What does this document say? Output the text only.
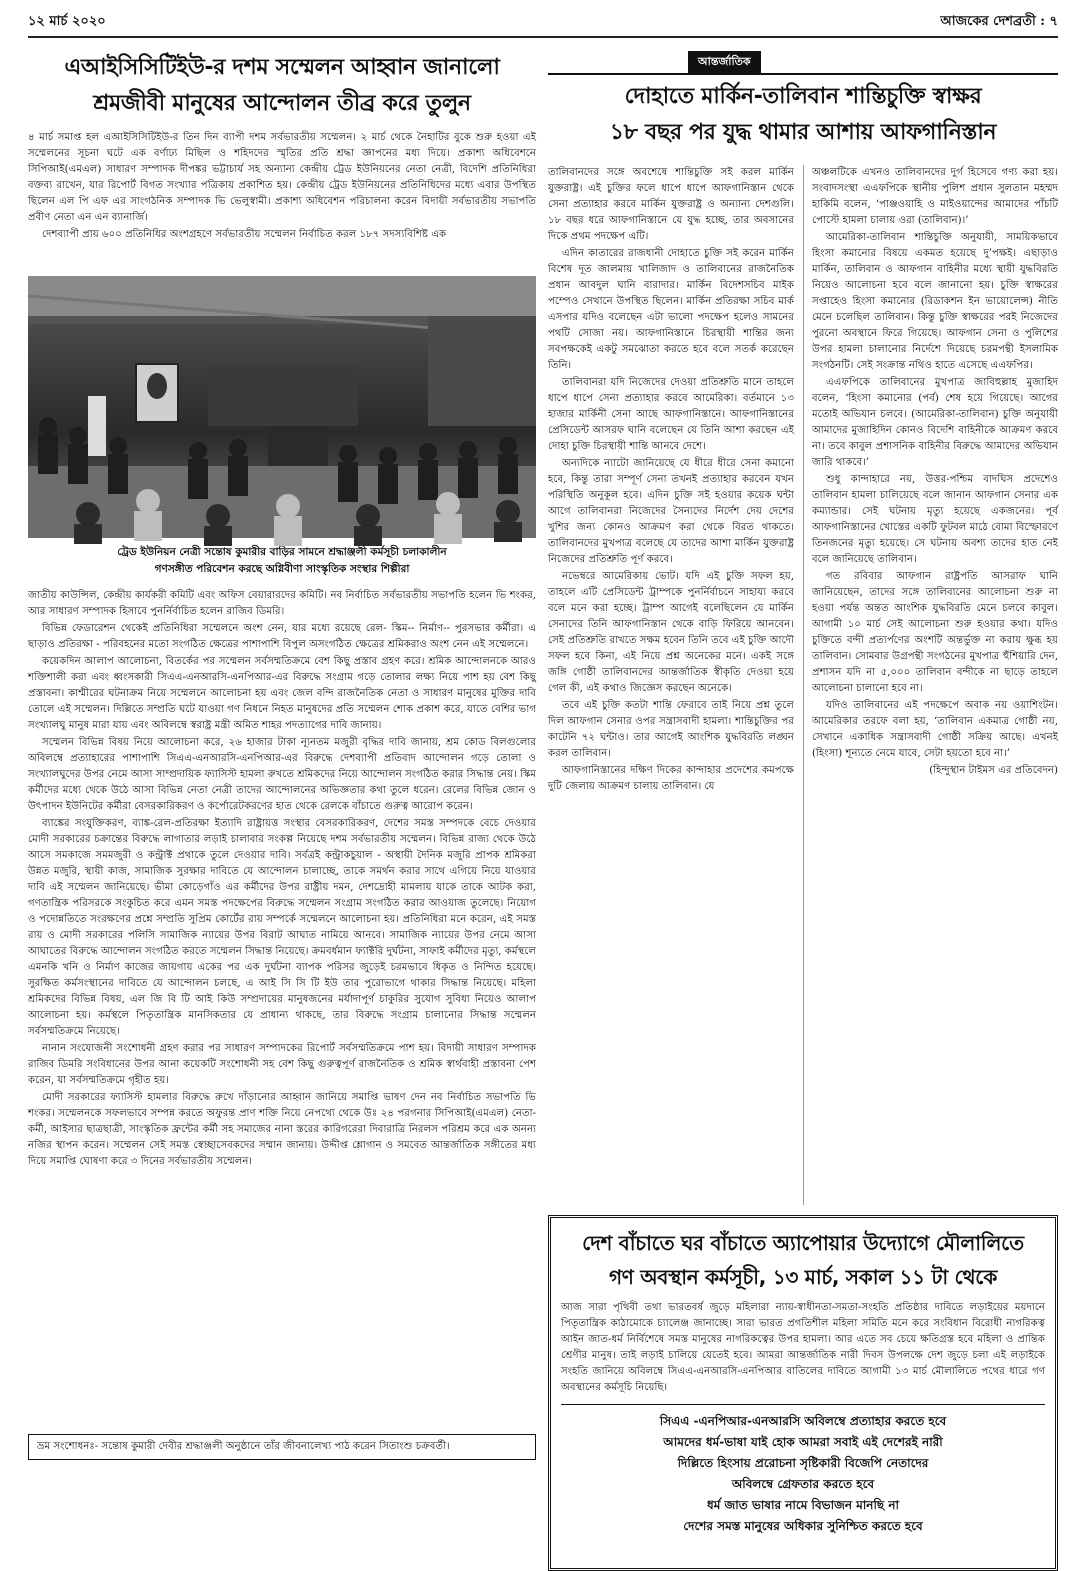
১২ মার্চ ২০২০	আজকের দেশব্রতী : ৭
এআইসিসিটিইউ-র দশম সম্মেলন আহ্বান জানালো
শ্রমজীবী মানুষের আন্দোলন তীব্র করে তুলুন

৪ মার্চ সমাপ্ত হল এআইসিসিটিইউ-র তিন দিন ব্যাপী দশম সর্বভারতীয় সম্মেলন। ২ মার্চ থেকে নৈহাটির বুকে শুরু হওয়া এই সম্মেলনের সূচনা ঘটে এক বর্ণাঢ্য মিছিল ও শহিদদের স্মৃতির প্রতি শ্রদ্ধা জ্ঞাপনের মধ্য দিয়ে। প্রকাশ্য অধিবেশনে সিপিআই(এমএল) সাধারণ সম্পাদক দীপঙ্কর ভট্টাচার্য সহ অন্যান্য কেন্দ্রীয় ট্রেড ইউনিয়নের নেতা নেত্রী, বিদেশি প্রতিনিধিরা বক্তব্য রাখেন, যার রিপোর্ট বিগত সংখ্যার পত্রিকায় প্রকাশিত হয়। কেন্দ্রীয় ট্রেড ইউনিয়নের প্রতিনিধিদের মধ্যে এবার উপস্থিত ছিলেন এল পি এফ এর সাংগঠনিক সম্পাদক ভি ভেলুস্বামী। প্রকাশ্য অধিবেশন পরিচালনা করেন বিদায়ী সর্বভারতীয় সভাপতি প্রবীণ নেতা এন এন ব্যানার্জি।

দেশব্যাপী প্রায় ৬০০ প্রতিনিধির অংশগ্রহণে সর্বভারতীয় সম্মেলন নির্বাচিত করল ১৮৭ সদস্যবিশিষ্ট এক

ট্রেড ইউনিয়ন নেত্রী সন্তোষ কুমারীর বাড়ির সামনে শ্রদ্ধাঞ্জলী কর্মসূচী চলাকালীন
গণসঙ্গীত পরিবেশন করছে অগ্নিবীণা সাংস্কৃতিক সংস্থার শিল্পীরা

জাতীয় কাউন্সিল, কেন্দ্রীয় কার্যকরী কমিটি এবং অফিস বেয়ারারদের কমিটি। নব নির্বাচিত সর্বভারতীয় সভাপতি হলেন ভি শংকর, আর সাধারণ সম্পাদক হিসাবে পুনর্নির্বাচিত হলেন রাজিব ডিমরি।

বিভিন্ন ফেডারেশন থেকেই প্রতিনিধিরা সম্মেলনে অংশ নেন, যার মধ্যে রয়েছে রেল- স্কিম-- নির্মাণ-- পুরসভার কর্মীরা। এ ছাড়াও প্রতিরক্ষা - পরিবহনের মতো সংগঠিত ক্ষেত্রের পাশাপাশি বিপুল অসংগঠিত ক্ষেত্রের শ্রমিকরাও অংশ নেন এই সম্মেলনে।

কয়েকদিন আলাপ আলোচনা, বিতর্কের পর সম্মেলন সর্বসম্মতিক্রমে বেশ কিছু প্রস্তাব গ্রহণ করে। শ্রমিক আন্দোলনকে আরও শক্তিশালী করা এবং ধ্বংসকারী সিএএ-এনআরসি-এনপিআর-এর বিরুদ্ধে সংগ্রাম গড়ে তোলার লক্ষ্য নিয়ে পাশ হয় বেশ কিছু প্রস্তাবনা। কাশ্মীরের ঘটনাক্রম নিয়ে সম্মেলনে আলোচনা হয় এবং জেল বন্দি রাজনৈতিক নেতা ও সাধারণ মানুষের মুক্তির দাবি তোলে এই সম্মেলন। দিল্লিতে সম্প্রতি ঘটে যাওয়া গণ নিধনে নিহত মানুষদের প্রতি সম্মেলন শোক প্রকাশ করে, যাতে বেশির ভাগ সংখ্যালঘু মানুষ মারা যায় এবং অবিলম্বে স্বরাষ্ট্র মন্ত্রী অমিত শাহর পদত্যাগের দাবি জানায়।

সম্মেলন বিভিন্ন বিষয় নিয়ে আলোচনা করে, ২৬ হাজার টাকা ন্যূনতম মজুরী বৃদ্ধির দাবি জানায়, শ্রম কোড বিলগুলোর অবিলম্বে প্রত্যাহারের পাশাপাশি সিএএ-এনআরসি-এনপিআর-এর বিরুদ্ধে দেশব্যাপী প্রতিবাদ আন্দোলন গড়ে তোলা ও সংখ্যালঘুদের উপর নেমে আসা সাম্প্রদায়িক ফ্যাসিস্ট হামলা রুখতে শ্রমিকদের নিয়ে আন্দোলন সংগঠিত করার সিদ্ধান্ত নেয়। স্কিম কর্মীদের মধ্যে থেকে উঠে আসা বিভিন্ন নেতা নেত্রী তাদের আন্দোলনের অভিজ্ঞতার কথা তুলে ধরেন। রেলের বিভিন্ন জোন ও উৎপাদন ইউনিটের কর্মীরা বেসরকারিকরণ ও কর্পোরেটকরণের হাত থেকে রেলকে বাঁচাতে গুরুত্ব আরোপ করেন।

ব্যাঙ্কের সংযুক্তিকরণ, ব্যাঙ্ক-রেল-প্রতিরক্ষা ইত্যাদি রাষ্ট্রায়ত্ত সংস্থার বেসরকারিকরণ, দেশের সমস্ত সম্পদকে বেচে দেওয়ার মোদী সরকারের চক্রান্তের বিরুদ্ধে লাগাতার লড়াই চালাবার সংকল্প নিয়েছে দশম সর্বভারতীয় সম্মেলন। বিভিন্ন রাজ্য থেকে উঠে আসে সমকাজে সমমজুরী ও কন্ট্রাক্ট প্রথাকে তুলে দেওয়ার দাবি। সর্বত্রই কন্ট্রাকচুয়াল - অস্থায়ী দৈনিক মজুরি প্রাপক শ্রমিকরা উন্নত মজুরি, স্থায়ী কাজ, সামাজিক সুরক্ষার দাবিতে যে আন্দোলন চালাচ্ছে, তাকে সমর্থন করার সাথে এগিয়ে নিয়ে যাওয়ার দাবি এই সম্মেলন জানিয়েছে। ভীমা কোড়েগাঁও এর কর্মীদের উপর রাষ্ট্রীয় দমন, দেশদ্রোহী মামলায় যাকে তাকে আটক করা, গণতান্ত্রিক পরিসরকে সংকুচিত করে এমন সমস্ত পদক্ষেপের বিরুদ্ধে সম্মেলন সংগ্রাম সংগঠিত করার আওয়াজ তুলেছে। নিয়োগ ও পদোন্নতিতে সংরক্ষণের প্রশ্নে সম্প্রতি সুপ্রিম কোর্টের রায় সম্পর্কে সম্মেলনে আলোচনা হয়। প্রতিনিধিরা মনে করেন, এই সমস্ত রায় ও মোদী সরকারের পলিসি সামাজিক ন্যায়ের উপর বিরাট আঘাত নামিয়ে আনবে। সামাজিক ন্যায়ের উপর নেমে আসা আঘাতের বিরুদ্ধে আন্দোলন সংগঠিত করতে সম্মেলন সিদ্ধান্ত নিয়েছে। ক্রমবর্ধমান ফ্যাক্টরি দুর্ঘটনা, সাফাই কর্মীদের মৃত্যু, কর্মস্থলে এমনকি খনি ও নির্মাণ কাজের জায়গায় একের পর এক দুর্ঘটনা ব্যাপক পরিসর জুড়েই চরমভাবে ধিকৃত ও নিন্দিত হয়েছে। সুরক্ষিত কর্মসংস্থানের দাবিতে যে আন্দোলন চলছে, এ আই সি সি টি ইউ তার পুরোভাগে থাকার সিদ্ধান্ত নিয়েছে। মহিলা শ্রমিকদের বিভিন্ন বিষয়, এল জি বি টি আই কিউ সম্প্রদায়ের মানুষজনের মর্যাদাপূর্ণ চাকুরির সুযোগ সুবিধা নিয়েও আলাপ আলোচনা হয়। কর্মস্থলে পিতৃতান্ত্রিক মানসিকতার যে প্রাধান্য থাকছে, তার বিরুদ্ধে সংগ্রাম চালানোর সিদ্ধান্ত সম্মেলন সর্বসম্মতিক্রমে নিয়েছে।

নানান সংযোজনী সংশোধনী গ্রহণ করার পর সাধারণ সম্পাদকের রিপোর্ট সর্বসম্মতিক্রমে পাশ হয়। বিদায়ী সাধারণ সম্পাদক রাজিব ডিমরি সংবিধানের উপর আনা কয়েকটি সংশোধনী সহ বেশ কিছু গুরুত্বপূর্ণ রাজনৈতিক ও শ্রমিক স্বার্থবাহী প্রস্তাবনা পেশ করেন, যা সর্বসম্মতিক্রমে গৃহীত হয়।

মোদী সরকারের ফ্যাসিস্ট হামলার বিরুদ্ধে রুখে দাঁড়ানোর আহ্বান জানিয়ে সমাপ্তি ভাষণ দেন নব নির্বাচিত সভাপতি ভি শংকর। সম্মেলনকে সফলভাবে সম্পন্ন করতে অফুরন্ত প্রাণ শক্তি নিয়ে নেপথ্যে থেকে উঃ ২৪ পরগনার সিপিআই(এমএল) নেতা-কর্মী, আইসার ছাত্রছাত্রী, সাংস্কৃতিক ফ্রন্টের কর্মী সহ সমাজের নানা স্তরের কারিগরেরা দিবারাত্রি নিরলস পরিশ্রম করে এক অনন্য নজির স্থাপন করেন। সম্মেলন সেই সমস্ত স্বেচ্ছাসেবকদের সম্মান জানায়। উদ্দীপ্ত শ্লোগান ও সমবেত আন্তর্জাতিক সঙ্গীতের মধ্য দিয়ে সমাপ্তি ঘোষণা করে ৩ দিনের সর্বভারতীয় সম্মেলন।

ভ্রম সংশোধনঃ- সন্তোষ কুমারী দেবীর শ্রদ্ধাঞ্জলী অনুষ্ঠানে তাঁর জীবনালেখ্য পাঠ করেন সিতাংশু চক্রবর্তী।
আন্তর্জাতিক
দোহাতে মার্কিন-তালিবান শান্তিচুক্তি স্বাক্ষর
১৮ বছর পর যুদ্ধ থামার আশায় আফগানিস্তান

তালিবানদের সঙ্গে অবশেষে শান্তিচুক্তি সই করল মার্কিন যুক্তরাষ্ট্র। এই চুক্তির ফলে ধাপে ধাপে আফগানিস্তান থেকে সেনা প্রত্যাহার করবে মার্কিন যুক্তরাষ্ট্র ও অন্যান্য দেশগুলি। ১৮ বছর ধরে আফগানিস্তানে যে যুদ্ধ হচ্ছে, তার অবসানের দিকে প্রথম পদক্ষেপ এটি।

এদিন কাতারের রাজধানী দোহাতে চুক্তি সই করেন মার্কিন বিশেষ দূত জালমায় খালিজাদ ও তালিবানের রাজনৈতিক প্রধান আবদুল ঘানি বারাদার। মার্কিন বিদেশসচিব মাইক পম্পেও সেখানে উপস্থিত ছিলেন। মার্কিন প্রতিরক্ষা সচিব মার্ক এসপার যদিও বলেছেন এটা ভালো পদক্ষেপ হলেও সামনের পথটি সোজা নয়। আফগানিস্তানে চিরস্থায়ী শান্তির জন্য সবপক্ষকেই একটু সমঝোতা করতে হবে বলে সতর্ক করেছেন তিনি।

তালিবানরা যদি নিজেদের দেওয়া প্রতিশ্রুতি মানে তাহলে ধাপে ধাপে সেনা প্রত্যাহার করবে আমেরিকা। বর্তমানে ১৩ হাজার মার্কিনী সেনা আছে আফগানিস্তানে। আফগানিস্তানের প্রেসিডেন্ট আসরফ ঘানি বলেছেন যে তিনি আশা করছেন এই দোহা চুক্তি চিরস্থায়ী শান্তি আনবে দেশে।

অন্যদিকে ন্যাটো জানিয়েছে যে ধীরে ধীরে সেনা কমানো হবে, কিন্তু তারা সম্পূর্ণ সেনা তখনই প্রত্যাহার করবেন যখন পরিস্থিতি অনুকূল হবে। এদিন চুক্তি সই হওয়ার কয়েক ঘন্টা আগে তালিবানরা নিজেদের সৈন্যদের নির্দেশ দেয় দেশের খুশির জন্য কোনও আক্রমণ করা থেকে বিরত থাকতে। তালিবানদের মুখপাত্র বলেছে যে তাদের আশা মার্কিন যুক্তরাষ্ট্র নিজেদের প্রতিশ্রুতি পূর্ণ করবে।

নভেম্বরে আমেরিকায় ভোট। যদি এই চুক্তি সফল হয়, তাহলে এটি প্রেসিডেন্ট ট্রাম্পকে পুনর্নির্বাচনে সাহায্য করবে বলে মনে করা হচ্ছে। ট্রাম্প আগেই বলেছিলেন যে মার্কিন সেনাদের তিনি আফগানিস্তান থেকে বাড়ি ফিরিয়ে আনবেন। সেই প্রতিশ্রুতি রাখতে সক্ষম হবেন তিনি তবে এই চুক্তি আদৌ সফল হবে কিনা, এই নিয়ে প্রশ্ন অনেকের মনে। একই সঙ্গে জঙ্গি গোষ্ঠী তালিবানদের আন্তর্জাতিক স্বীকৃতি দেওয়া হয়ে গেল কী, এই কথাও জিজ্ঞেস করছেন অনেকে।

তবে এই চুক্তি কতটা শান্তি ফেরাবে তাই নিয়ে প্রশ্ন তুলে দিল আফগান সেনার ওপর সন্ত্রাসবাদী হামলা। শান্তিচুক্তির পর কাটেনি ৭২ ঘন্টাও। তার আগেই আংশিক যুদ্ধবিরতি লঙ্ঘন করল তালিবান।

আফগানিস্তানের দক্ষিণ দিকের কান্দাহার প্রদেশের কমপক্ষে দুটি জেলায় আক্রমণ চালায় তালিবান। যে

অঞ্চলটিকে এখনও তালিবানদের দুর্গ হিসেবে গণ্য করা হয়। সংবাদসংস্থা এএফপিকে স্থানীয় পুলিশ প্রধান সুলতান মহম্মদ হাকিমি বলেন, ‘পাঞ্জওয়াহি ও মাইওয়ান্দের আমাদের পাঁচটি পোস্টে হামলা চালায় ওরা (তালিবান)।’

আমেরিকা-তালিবান শান্তিচুক্তি অনুযায়ী, সাময়িকভাবে হিংসা কমানোর বিষয়ে একমত হয়েছে দু’পক্ষই। এছাড়াও মার্কিন, তালিবান ও আফগান বাহিনীর মধ্যে স্থায়ী যুদ্ধবিরতি নিয়েও আলোচনা হবে বলে জানানো হয়। চুক্তি স্বাক্ষরের সপ্তাহেও হিংসা কমানোর (রিডাকশন ইন ভায়োলেন্স) নীতি মেনে চলেছিল তালিবান। কিন্তু চুক্তি স্বাক্ষরের পরই নিজেদের পুরনো অবস্থানে ফিরে গিয়েছে। আফগান সেনা ও পুলিশের উপর হামলা চালানোর নির্দেশে দিয়েছে চরমপন্থী ইসলামিক সংগঠনটি। সেই সংক্রান্ত নথিও হাতে এসেছে এএফপির।

এএফপিকে তালিবানের মুখপাত্র জাবিহুল্লাহ মুজাহিদ বলেন, ‘হিংসা কমানোর (পর্ব) শেষ হয়ে গিয়েছে। আগের মতোই অভিযান চলবে। (আমেরিকা-তালিবান) চুক্তি অনুযায়ী আমাদের মুজাহিদিন কোনও বিদেশি বাহিনীকে আক্রমণ করবে না। তবে কাবুল প্রশাসনিক বাহিনীর বিরুদ্ধে আমাদের অভিযান জারি থাকবে।’

শুধু কান্দাহারে নয়, উত্তর-পশ্চিম বাদঘিস প্রদেশেও তালিবান হামলা চালিয়েছে বলে জানান আফগান সেনার এক কম্যান্ডার। সেই ঘটনায় মৃত্যু হয়েছে একজনের। পূর্ব আফগানিস্তানের খোস্তের একটি ফুটবল মাঠে বোমা বিস্ফোরণে তিনজনের মৃত্যু হয়েছে। সে ঘটনায় অবশ্য তাদের হাত নেই বলে জানিয়েছে তালিবান।

গত রবিবার আফগান রাষ্ট্রপতি আসরাফ ঘানি জানিয়েছেন, তাদের সঙ্গে তালিবানের আলোচনা শুরু না হওয়া পর্যন্ত অন্তত আংশিক যুদ্ধবিরতি মেনে চলবে কাবুল। আগামী ১০ মার্চ সেই আলোচনা শুরু হওয়ার কথা। যদিও চুক্তিতে বন্দী প্রত্যর্পণের অংশটি অন্তর্ভুক্ত না করায় ক্ষুব্ধ হয় তালিবান। সোমবার উগ্রপন্থী সংগঠনের মুখপাত্র হুঁশিয়ারি দেন, প্রশাসন যদি না ৫,০০০ তালিবান বন্দীকে না ছাড়ে তাহলে আলোচনা চালানো হবে না।

যদিও তালিবানের এই পদক্ষেপে অবাক নয় ওয়াশিংটন। আমেরিকার তরফে বলা হয়, ‘তালিবান একমাত্র গোষ্ঠী নয়, সেখানে একাধিক সন্ত্রাসবাদী গোষ্ঠী সক্রিয় আছে। এখনই (হিংসা) শূন্যতে নেমে যাবে, সেটা হয়তো হবে না।’

(হিন্দুস্থান টাইমস এর প্রতিবেদন)

দেশ বাঁচাতে ঘর বাঁচাতে অ্যাপোয়ার উদ্যোগে মৌলালিতে
গণ অবস্থান কর্মসূচী, ১৩ মার্চ, সকাল ১১ টা থেকে

আজ সারা পৃথিবী তথা ভারতবর্ষ জুড়ে মহিলারা ন্যায়-স্বাধীনতা-সমতা-সংহতি প্রতিষ্ঠার দাবিতে লড়াইয়ের ময়দানে পিতৃতান্ত্রিক কাঠামোকে চ্যালেঞ্জ জানাচ্ছে। সারা ভারত প্রগতিশীল মহিলা সমিতি মনে করে সংবিধান বিরোধী নাগরিকত্ব আইন জাত-ধর্ম নির্বিশেষে সমস্ত মানুষের নাগরিকত্বের উপর হামলা। আর এতে সব চেয়ে ক্ষতিগ্রস্ত হবে মহিলা ও প্রান্তিক শ্রেণীর মানুষ। তাই লড়াই চালিয়ে যেতেই হবে। আমরা আন্তর্জাতিক নারী দিবস উপলক্ষে দেশ জুড়ে চলা এই লড়াইকে সংহতি জানিয়ে অবিলম্বে সিএএ-এনআরসি-এনপিআর বাতিলের দাবিতে আগামী ১৩ মার্চ মৌলালিতে পথের ধারে গণ অবস্থানের কর্মসূচি নিয়েছি।

সিএএ -এনপিআর-এনআরসি অবিলম্বে প্রত্যাহার করতে হবে
আমদের ধর্ম-ভাষা যাই হোক আমরা সবাই এই দেশেরই নারী
দিল্লিতে হিংসায় প্ররোচনা সৃষ্টিকারী বিজেপি নেতাদের
অবিলম্বে গ্রেফতার করতে হবে
ধর্ম জাত ভাষার নামে বিভাজন মানছি না
দেশের সমস্ত মানুষের অধিকার সুনিশ্চিত করতে হবে
